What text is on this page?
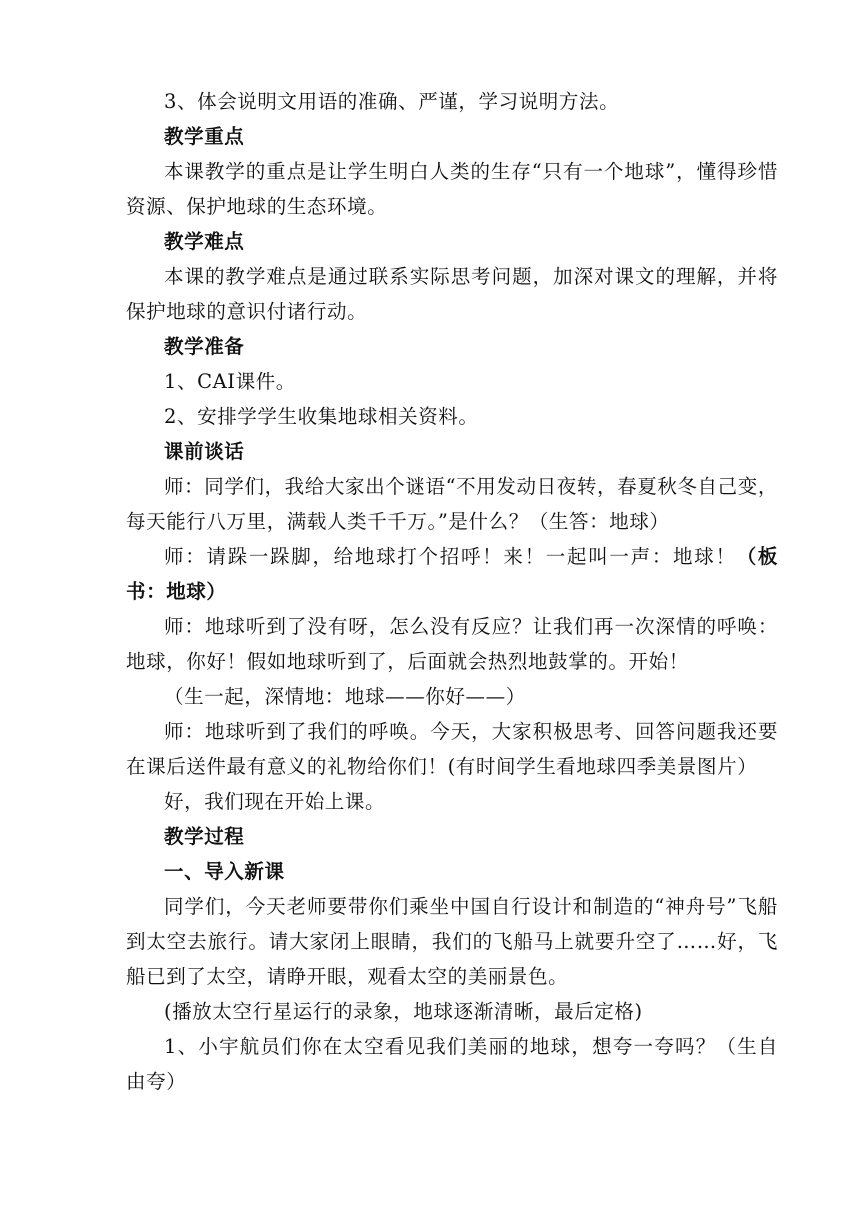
3、体会说明文用语的准确、严谨，学习说明方法。

教学重点

本课教学的重点是让学生明白人类的生存“只有一个地球”，懂得珍惜资源、保护地球的生态环境。

教学难点

本课的教学难点是通过联系实际思考问题，加深对课文的理解，并将保护地球的意识付诸行动。

教学准备

1、CAI课件。

2、安排学学生收集地球相关资料。

课前谈话

师：同学们，我给大家出个谜语“不用发动日夜转，春夏秋冬自己变，每天能行八万里，满载人类千千万。”是什么？（生答：地球）

师：请跺一跺脚，给地球打个招呼！来！一起叫一声：地球！（板书：地球）

师：地球听到了没有呀，怎么没有反应？让我们再一次深情的呼唤：地球，你好！假如地球听到了，后面就会热烈地鼓掌的。开始！

（生一起，深情地：地球——你好——）

师：地球听到了我们的呼唤。今天，大家积极思考、回答问题我还要在课后送件最有意义的礼物给你们！(有时间学生看地球四季美景图片）

好，我们现在开始上课。

教学过程

一、导入新课

同学们，今天老师要带你们乘坐中国自行设计和制造的“神舟号”飞船到太空去旅行。请大家闭上眼睛，我们的飞船马上就要升空了……好，飞船已到了太空，请睁开眼，观看太空的美丽景色。

(播放太空行星运行的录象，地球逐渐清晰，最后定格)

1、小宇航员们你在太空看见我们美丽的地球，想夸一夸吗？（生自由夸）
